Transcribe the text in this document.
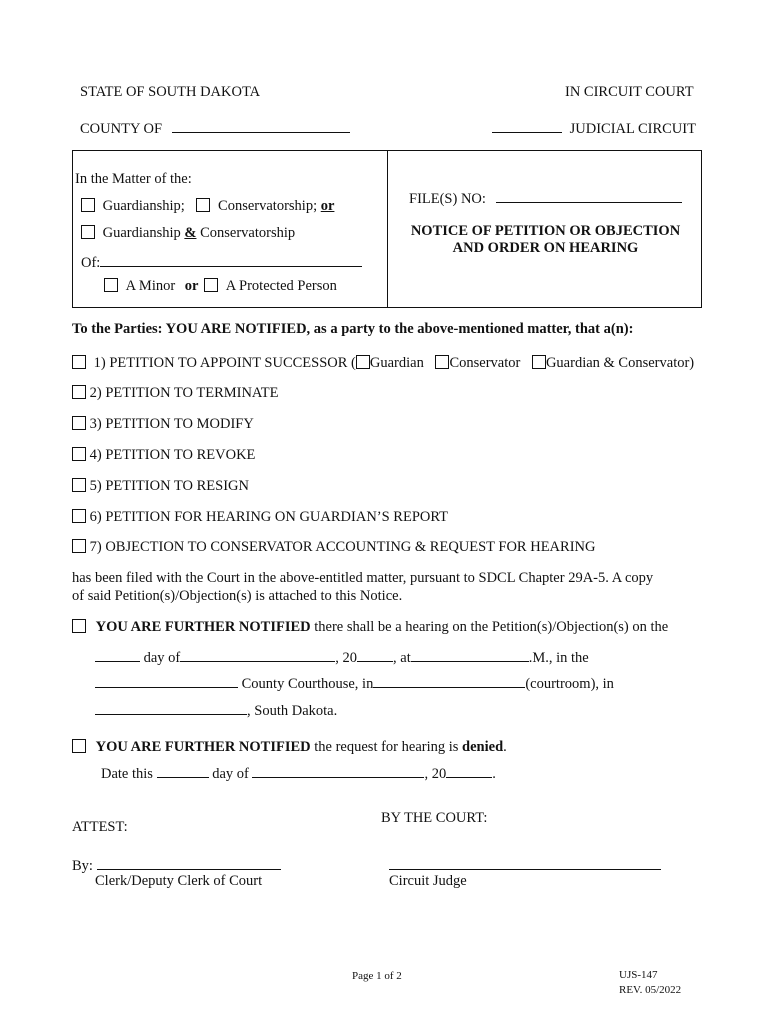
STATE OF SOUTH DAKOTA	IN CIRCUIT COURT
COUNTY OF	JUDICIAL CIRCUIT
In the Matter of the:
Guardianship; Conservatorship; or
Guardianship & Conservatorship
Of:
A Minor or A Protected Person
FILE(S) NO:
NOTICE OF PETITION OR OBJECTION
AND ORDER ON HEARING
To the Parties: YOU ARE NOTIFIED, as a party to the above-mentioned matter, that a(n):
1) PETITION TO APPOINT SUCCESSOR ( Guardian Conservator Guardian & Conservator)
2) PETITION TO TERMINATE
3) PETITION TO MODIFY
4) PETITION TO REVOKE
5) PETITION TO RESIGN
6) PETITION FOR HEARING ON GUARDIAN’S REPORT
7) OBJECTION TO CONSERVATOR ACCOUNTING & REQUEST FOR HEARING
has been filed with the Court in the above-entitled matter, pursuant to SDCL Chapter 29A-5. A copy
of said Petition(s)/Objection(s) is attached to this Notice.
YOU ARE FURTHER NOTIFIED there shall be a hearing on the Petition(s)/Objection(s) on the
day of	, 20 , at	.M., in the
County Courthouse, in	(courtroom), in
, South Dakota.
YOU ARE FURTHER NOTIFIED the request for hearing is denied.
Date this	day of	, 20	.
ATTEST:
BY THE COURT:
By:
Clerk/Deputy Clerk of Court	Circuit Judge
Page 1 of 2	UJS-147
REV. 05/2022
